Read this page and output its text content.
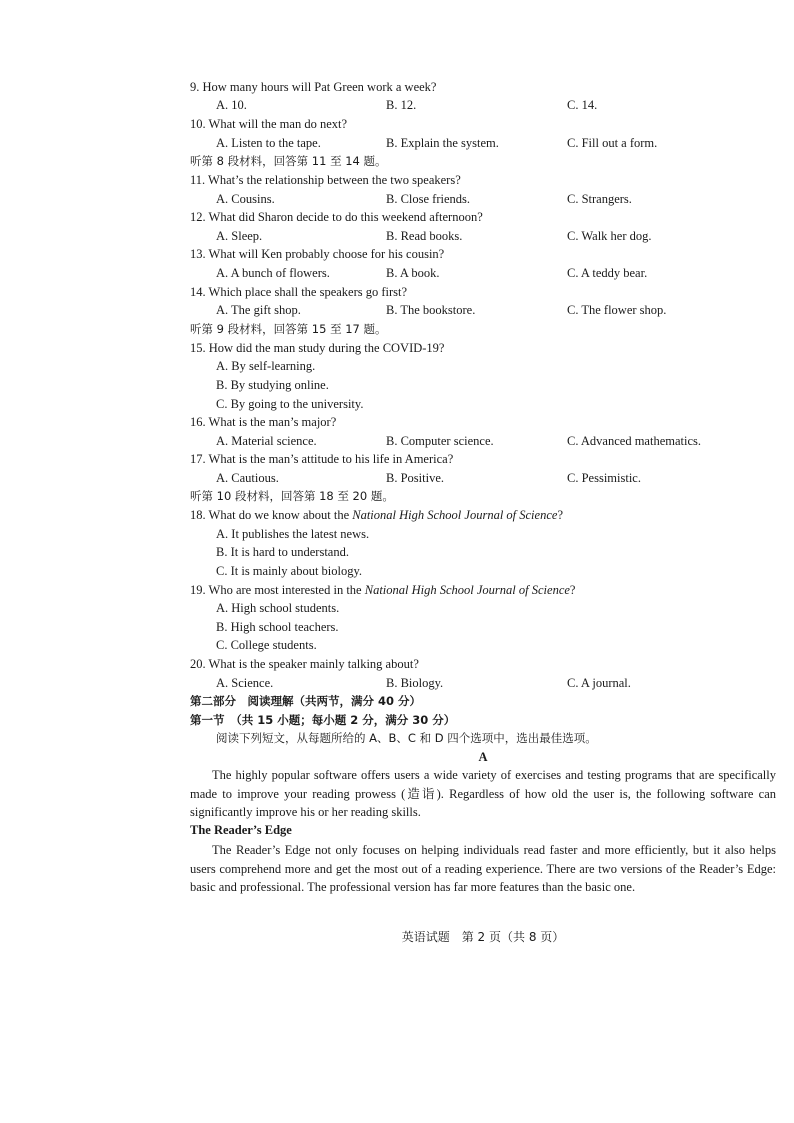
9. How many hours will Pat Green work a week?
A. 10.	B. 12.	C. 14.
10. What will the man do next?
A. Listen to the tape.	B. Explain the system.	C. Fill out a form.
听第 8 段材料，回答第 11 至 14 题。
11. What’s the relationship between the two speakers?
A. Cousins.	B. Close friends.	C. Strangers.
12. What did Sharon decide to do this weekend afternoon?
A. Sleep.	B. Read books.	C. Walk her dog.
13. What will Ken probably choose for his cousin?
A. A bunch of flowers.	B. A book.	C. A teddy bear.
14. Which place shall the speakers go first?
A. The gift shop.	B. The bookstore.	C. The flower shop.
听第 9 段材料，回答第 15 至 17 题。
15. How did the man study during the COVID-19?
A. By self-learning.
B. By studying online.
C. By going to the university.
16. What is the man’s major?
A. Material science.	B. Computer science.	C. Advanced mathematics.
17. What is the man’s attitude to his life in America?
A. Cautious.	B. Positive.	C. Pessimistic.
听第 10 段材料，回答第 18 至 20 题。
18. What do we know about the National High School Journal of Science?
A. It publishes the latest news.
B. It is hard to understand.
C. It is mainly about biology.
19. Who are most interested in the National High School Journal of Science?
A. High school students.
B. High school teachers.
C. College students.
20. What is the speaker mainly talking about?
A. Science.	B. Biology.	C. A journal.
第二部分　阅读理解（共两节，满分 40 分）
第一节　（共 15 小题；每小题 2 分，满分 30 分）
阅读下列短文，从每题所给的 A、B、C 和 D 四个选项中，选出最佳选项。
A
The highly popular software offers users a wide variety of exercises and testing programs that are specifically made to improve your reading prowess (造诣). Regardless of how old the user is, the following software can significantly improve his or her reading skills.
The Reader’s Edge
The Reader’s Edge not only focuses on helping individuals read faster and more efficiently, but it also helps users comprehend more and get the most out of a reading experience. There are two versions of the Reader’s Edge: basic and professional. The professional version has far more features than the basic one.
英语试题　第 2 页（共 8 页）
